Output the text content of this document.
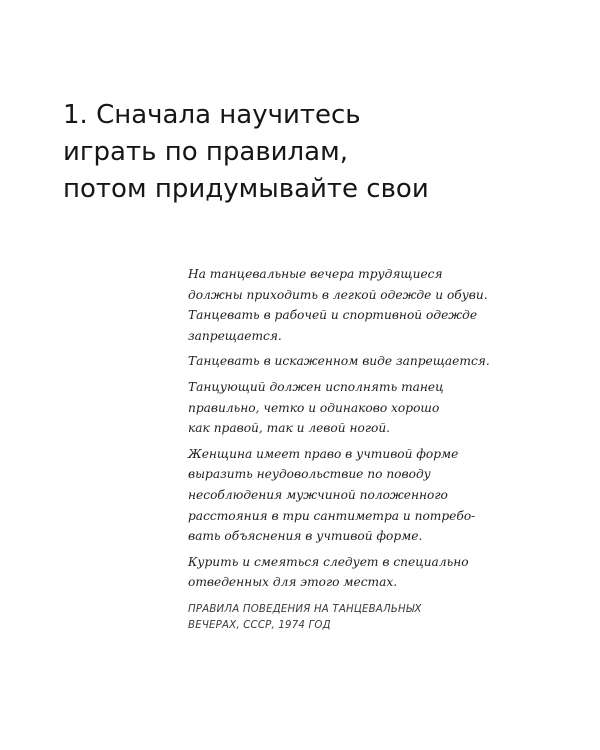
1. Сначала научитесь
играть по правилам,
потом придумывайте свои

На танцевальные вечера трудящиеся
должны приходить в легкой одежде и обуви.
Танцевать в рабочей и спортивной одежде
запрещается.

Танцевать в искаженном виде запрещается.

Танцующий должен исполнять танец
правильно, четко и одинаково хорошо
как правой, так и левой ногой.

Женщина имеет право в учтивой форме
выразить неудовольствие по поводу
несоблюдения мужчиной положенного
расстояния в три сантиметра и потребо-
вать объяснения в учтивой форме.

Курить и смеяться следует в специально
отведенных для этого местах.

ПРАВИЛА ПОВЕДЕНИЯ НА ТАНЦЕВАЛЬНЫХ
ВЕЧЕРАХ, СССР, 1974 ГОД
